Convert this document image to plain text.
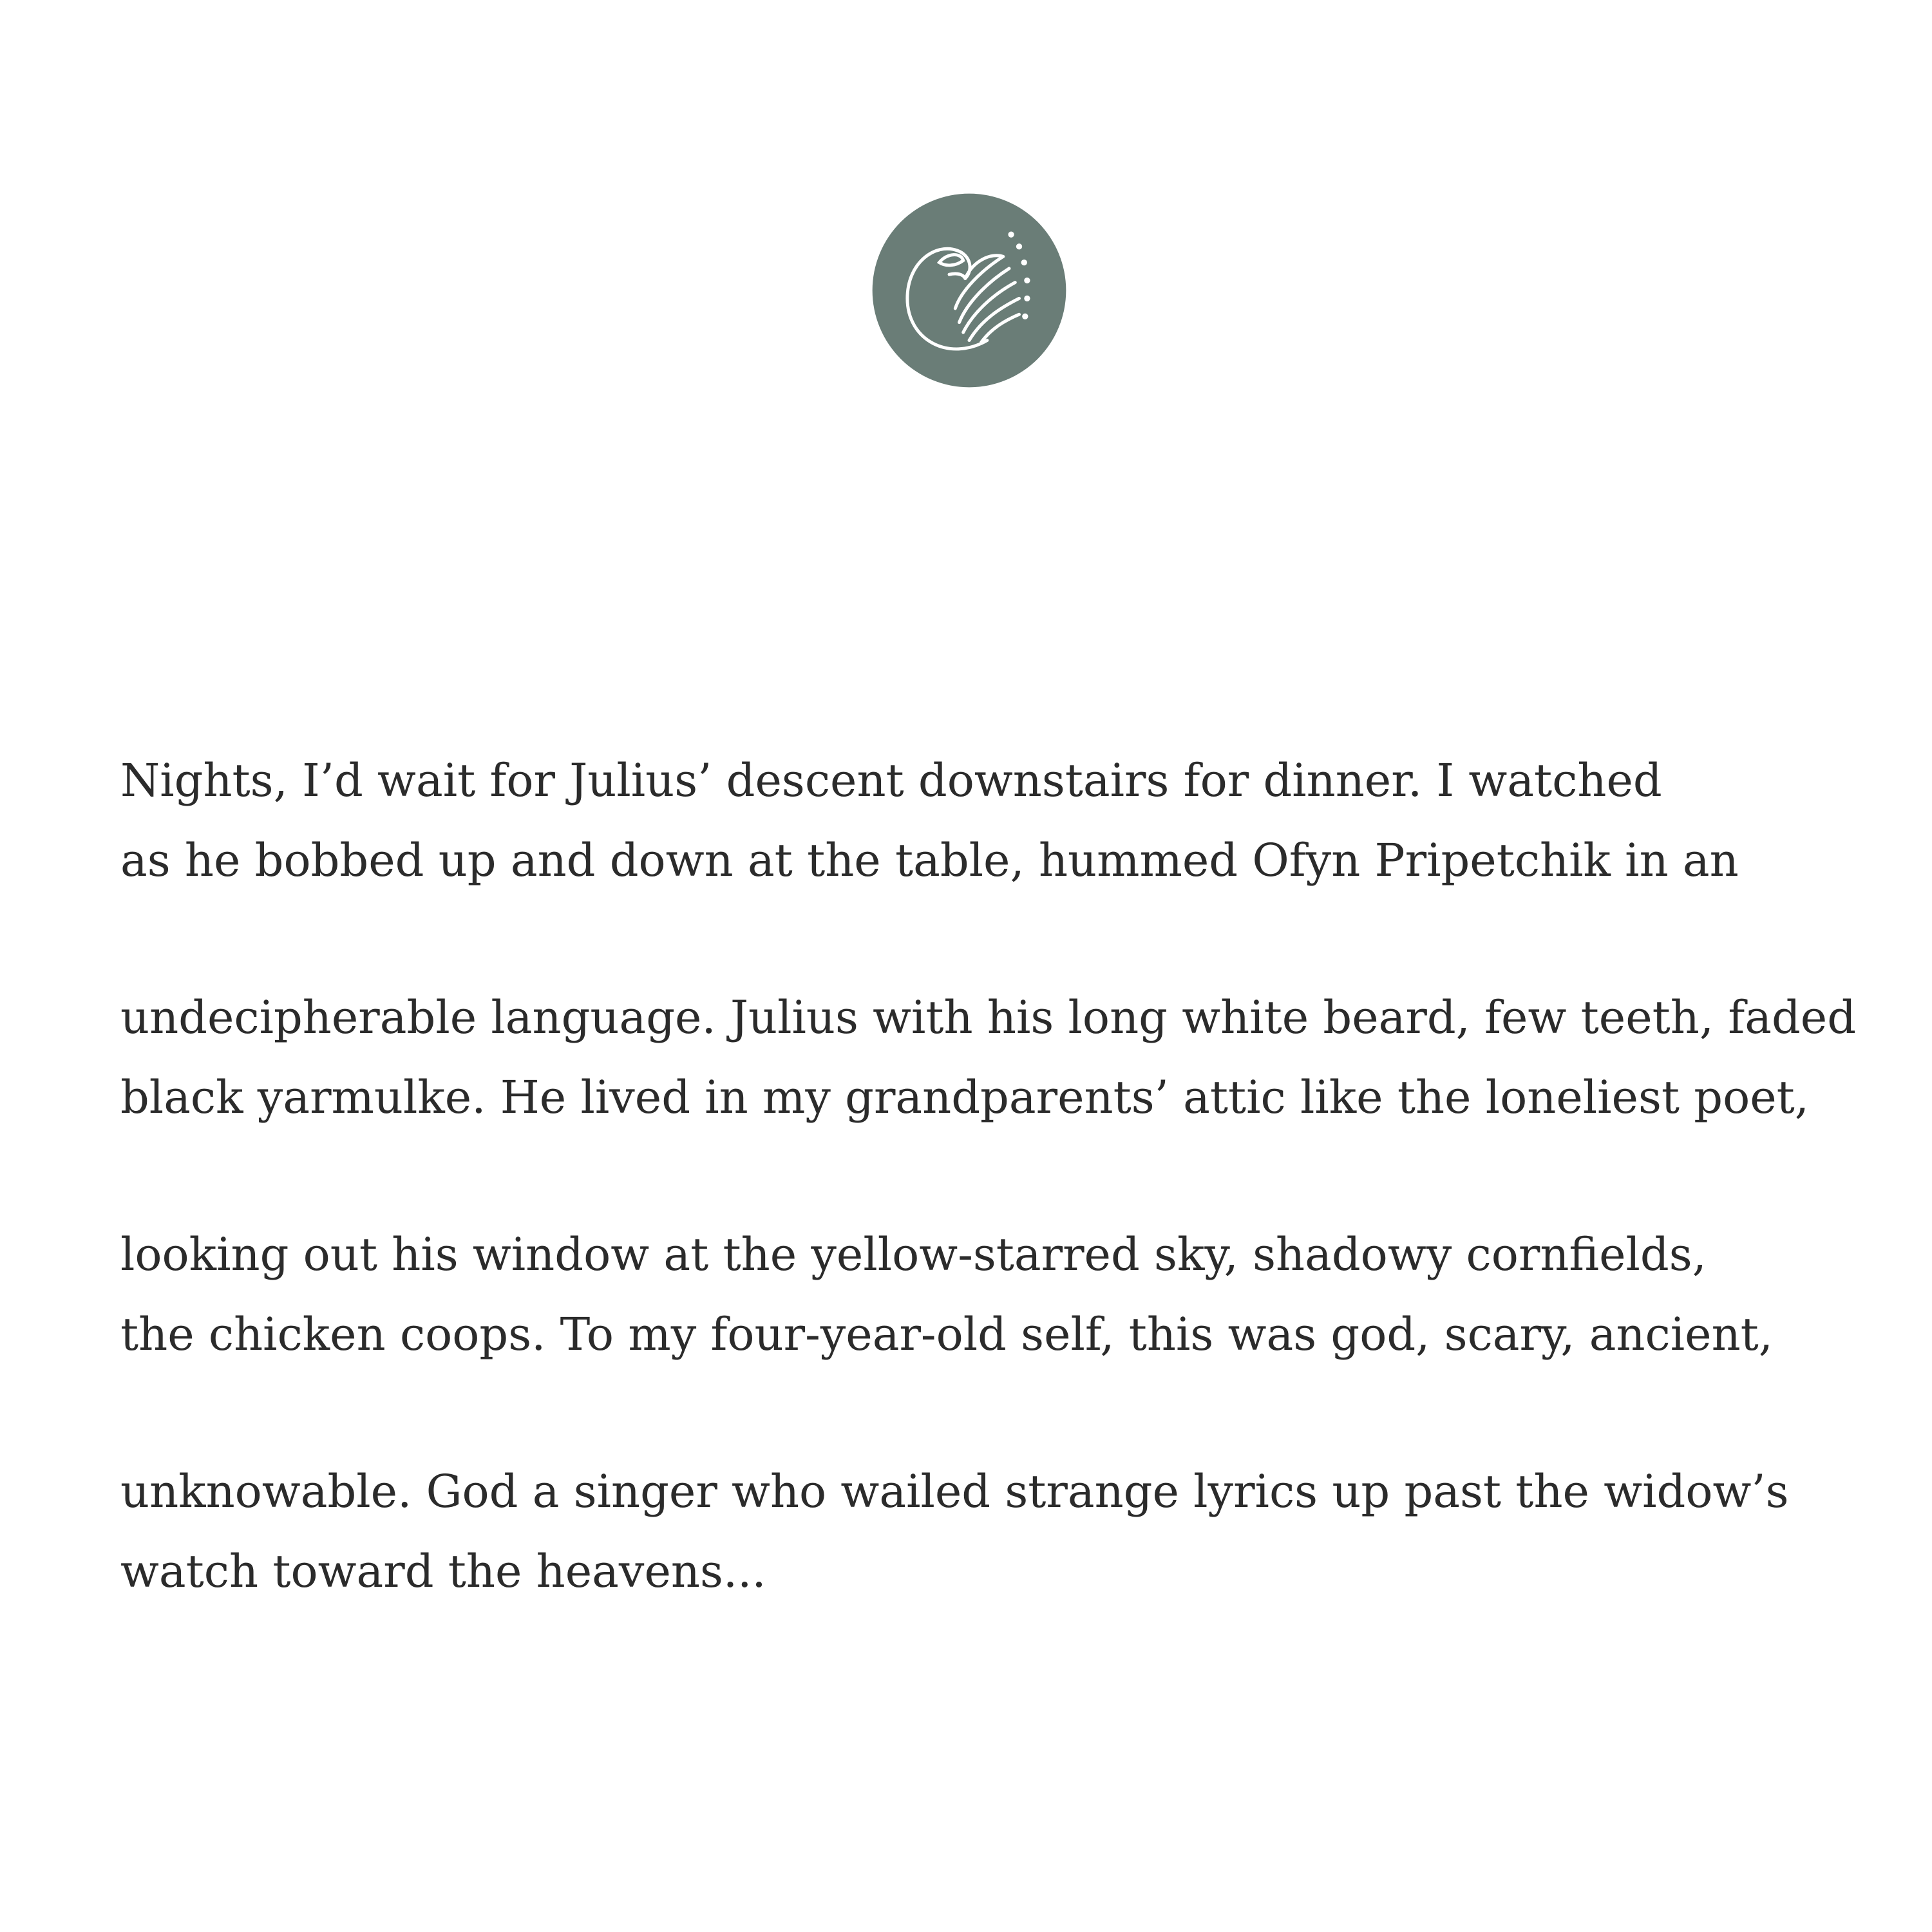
Nights, I’d wait for Julius’ descent downstairs for dinner. I watched
as he bobbed up and down at the table, hummed Ofyn Pripetchik in an
undecipherable language. Julius with his long white beard, few teeth, faded
black yarmulke. He lived in my grandparents’ attic like the loneliest poet,
looking out his window at the yellow-starred sky, shadowy cornfields,
the chicken coops. To my four-year-old self, this was god, scary, ancient,
unknowable. God a singer who wailed strange lyrics up past the widow’s
watch toward the heavens...
